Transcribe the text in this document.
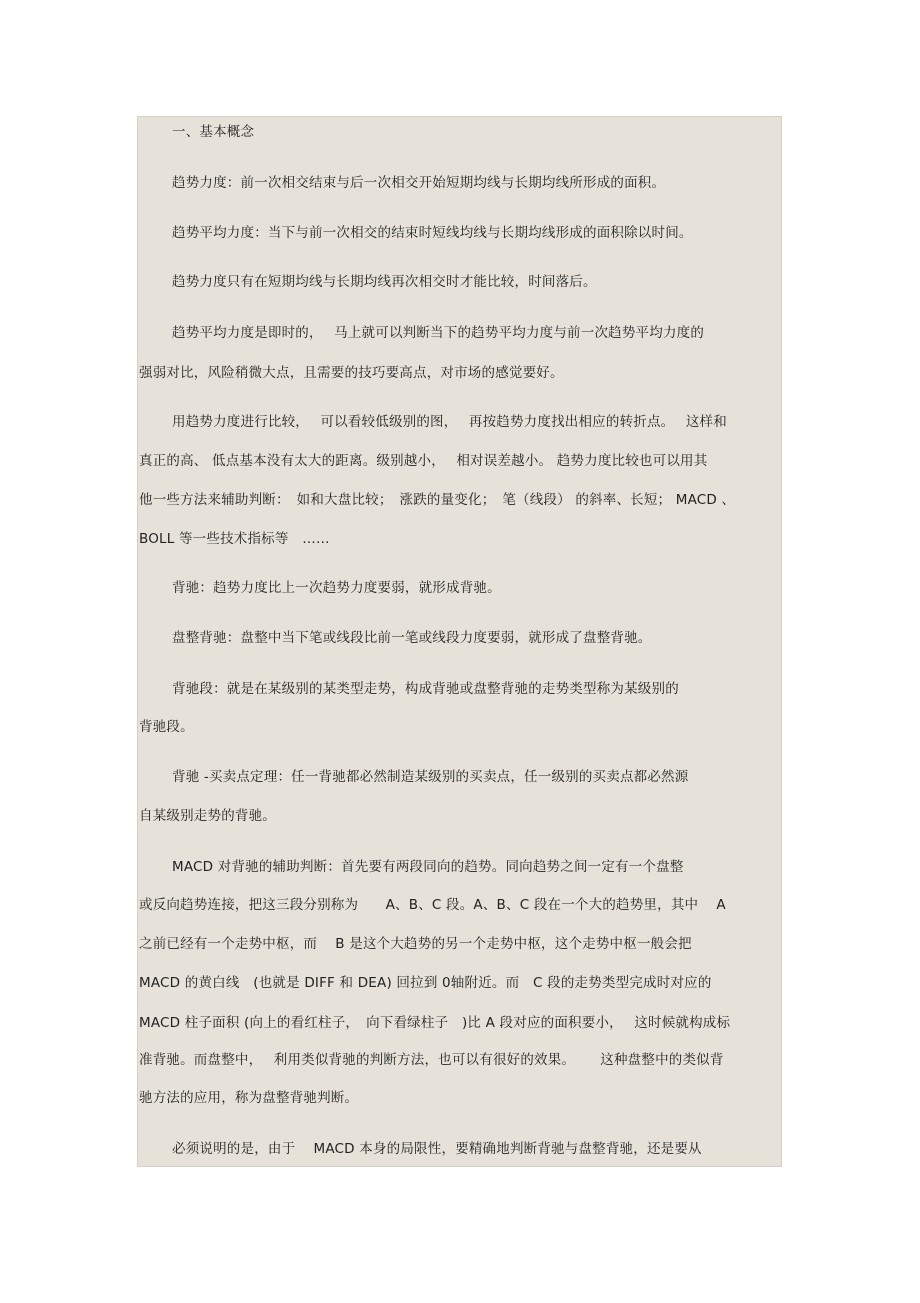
一、基本概念

趋势力度：前一次相交结束与后一次相交开始短期均线与长期均线所形成的面积。

趋势平均力度：当下与前一次相交的结束时短线均线与长期均线形成的面积除以时间。

趋势力度只有在短期均线与长期均线再次相交时才能比较，时间落后。

趋势平均力度是即时的，　 马上就可以判断当下的趋势平均力度与前一次趋势平均力度的

强弱对比，风险稍微大点，且需要的技巧要高点，对市场的感觉要好。

用趋势力度进行比较，　 可以看较低级别的图，　 再按趋势力度找出相应的转折点。　 这样和

真正的高、 低点基本没有太大的距离。级别越小，　 相对误差越小。 趋势力度比较也可以用其

他一些方法来辅助判断：　如和大盘比较；　涨跌的量变化；　笔（线段） 的斜率、长短； MACD 、

BOLL 等一些技术指标等　……

背驰：趋势力度比上一次趋势力度要弱，就形成背驰。

盘整背驰：盘整中当下笔或线段比前一笔或线段力度要弱，就形成了盘整背驰。

背驰段：就是在某级别的某类型走势，构成背驰或盘整背驰的走势类型称为某级别的

背驰段。

背驰 -买卖点定理：任一背驰都必然制造某级别的买卖点，任一级别的买卖点都必然源

自某级别走势的背驰。

MACD 对背驰的辅助判断：首先要有两段同向的趋势。同向趋势之间一定有一个盘整

或反向趋势连接，把这三段分别称为　　A、B、C 段。A、B、C 段在一个大的趋势里，其中　 A

之前已经有一个走势中枢，而　 B 是这个大趋势的另一个走势中枢，这个走势中枢一般会把

MACD 的黄白线　(也就是 DIFF 和 DEA) 回拉到 0轴附近。而　C 段的走势类型完成时对应的

MACD 柱子面积 (向上的看红柱子，　向下看绿柱子　)比 A 段对应的面积要小，　 这时候就构成标

准背驰。而盘整中，　 利用类似背驰的判断方法，也可以有很好的效果。　　 这种盘整中的类似背

驰方法的应用，称为盘整背驰判断。

必须说明的是，由于　 MACD 本身的局限性，要精确地判断背驰与盘整背驰，还是要从
